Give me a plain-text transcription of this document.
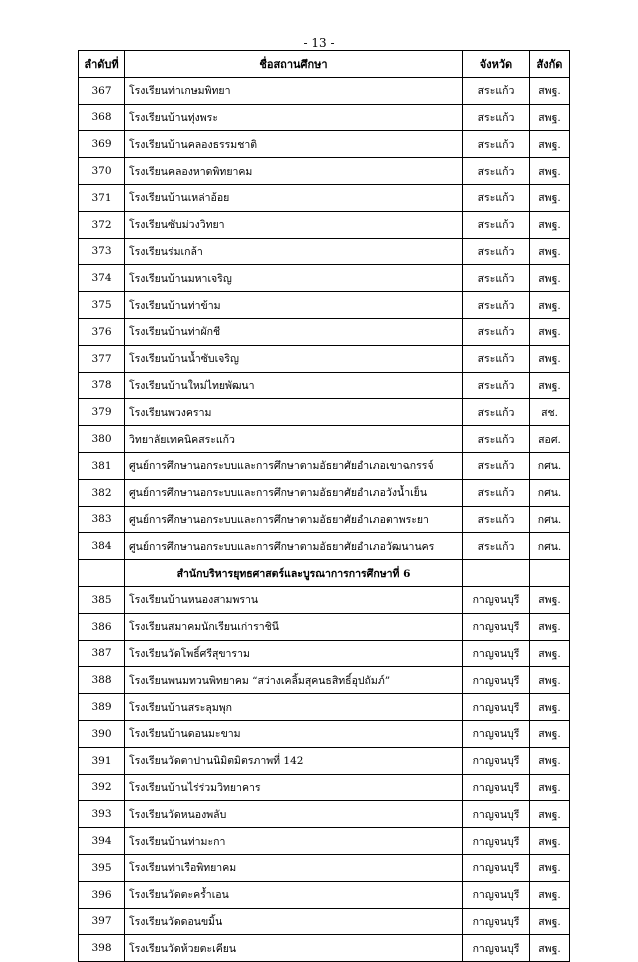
- 13 -
ลำดับที่	ชื่อสถานศึกษา	จังหวัด	สังกัด
367	โรงเรียนท่าเกษมพิทยา	สระแก้ว	สพฐ.
368	โรงเรียนบ้านทุ่งพระ	สระแก้ว	สพฐ.
369	โรงเรียนบ้านคลองธรรมชาติ	สระแก้ว	สพฐ.
370	โรงเรียนคลองหาดพิทยาคม	สระแก้ว	สพฐ.
371	โรงเรียนบ้านเหล่าอ้อย	สระแก้ว	สพฐ.
372	โรงเรียนซับม่วงวิทยา	สระแก้ว	สพฐ.
373	โรงเรียนร่มเกล้า	สระแก้ว	สพฐ.
374	โรงเรียนบ้านมหาเจริญ	สระแก้ว	สพฐ.
375	โรงเรียนบ้านท่าข้าม	สระแก้ว	สพฐ.
376	โรงเรียนบ้านท่าผักชี	สระแก้ว	สพฐ.
377	โรงเรียนบ้านน้ำซับเจริญ	สระแก้ว	สพฐ.
378	โรงเรียนบ้านใหม่ไทยพัฒนา	สระแก้ว	สพฐ.
379	โรงเรียนพวงคราม	สระแก้ว	สช.
380	วิทยาลัยเทคนิคสระแก้ว	สระแก้ว	สอศ.
381	ศูนย์การศึกษานอกระบบและการศึกษาตามอัธยาศัยอำเภอเขาฉกรรจ์	สระแก้ว	กศน.
382	ศูนย์การศึกษานอกระบบและการศึกษาตามอัธยาศัยอำเภอวังน้ำเย็น	สระแก้ว	กศน.
383	ศูนย์การศึกษานอกระบบและการศึกษาตามอัธยาศัยอำเภอตาพระยา	สระแก้ว	กศน.
384	ศูนย์การศึกษานอกระบบและการศึกษาตามอัธยาศัยอำเภอวัฒนานคร	สระแก้ว	กศน.
	สำนักบริหารยุทธศาสตร์และบูรณาการการศึกษาที่ 6		
385	โรงเรียนบ้านหนองสามพราน	กาญจนบุรี	สพฐ.
386	โรงเรียนสมาคมนักเรียนเก่าราชินี	กาญจนบุรี	สพฐ.
387	โรงเรียนวัดโพธิ์ศรีสุขาราม	กาญจนบุรี	สพฐ.
388	โรงเรียนพนมทวนพิทยาคม “สว่างเคลิ้มสุคนธสิทธิ์อุปถัมภ์”	กาญจนบุรี	สพฐ.
389	โรงเรียนบ้านสระลุมพุก	กาญจนบุรี	สพฐ.
390	โรงเรียนบ้านดอนมะขาม	กาญจนบุรี	สพฐ.
391	โรงเรียนวัดตาปานนิมิตมิตรภาพที่ 142	กาญจนบุรี	สพฐ.
392	โรงเรียนบ้านไร่ร่วมวิทยาคาร	กาญจนบุรี	สพฐ.
393	โรงเรียนวัดหนองพลับ	กาญจนบุรี	สพฐ.
394	โรงเรียนบ้านท่ามะกา	กาญจนบุรี	สพฐ.
395	โรงเรียนท่าเรือพิทยาคม	กาญจนบุรี	สพฐ.
396	โรงเรียนวัดตะคร้ำเอน	กาญจนบุรี	สพฐ.
397	โรงเรียนวัดดอนขมิ้น	กาญจนบุรี	สพฐ.
398	โรงเรียนวัดห้วยตะเคียน	กาญจนบุรี	สพฐ.
